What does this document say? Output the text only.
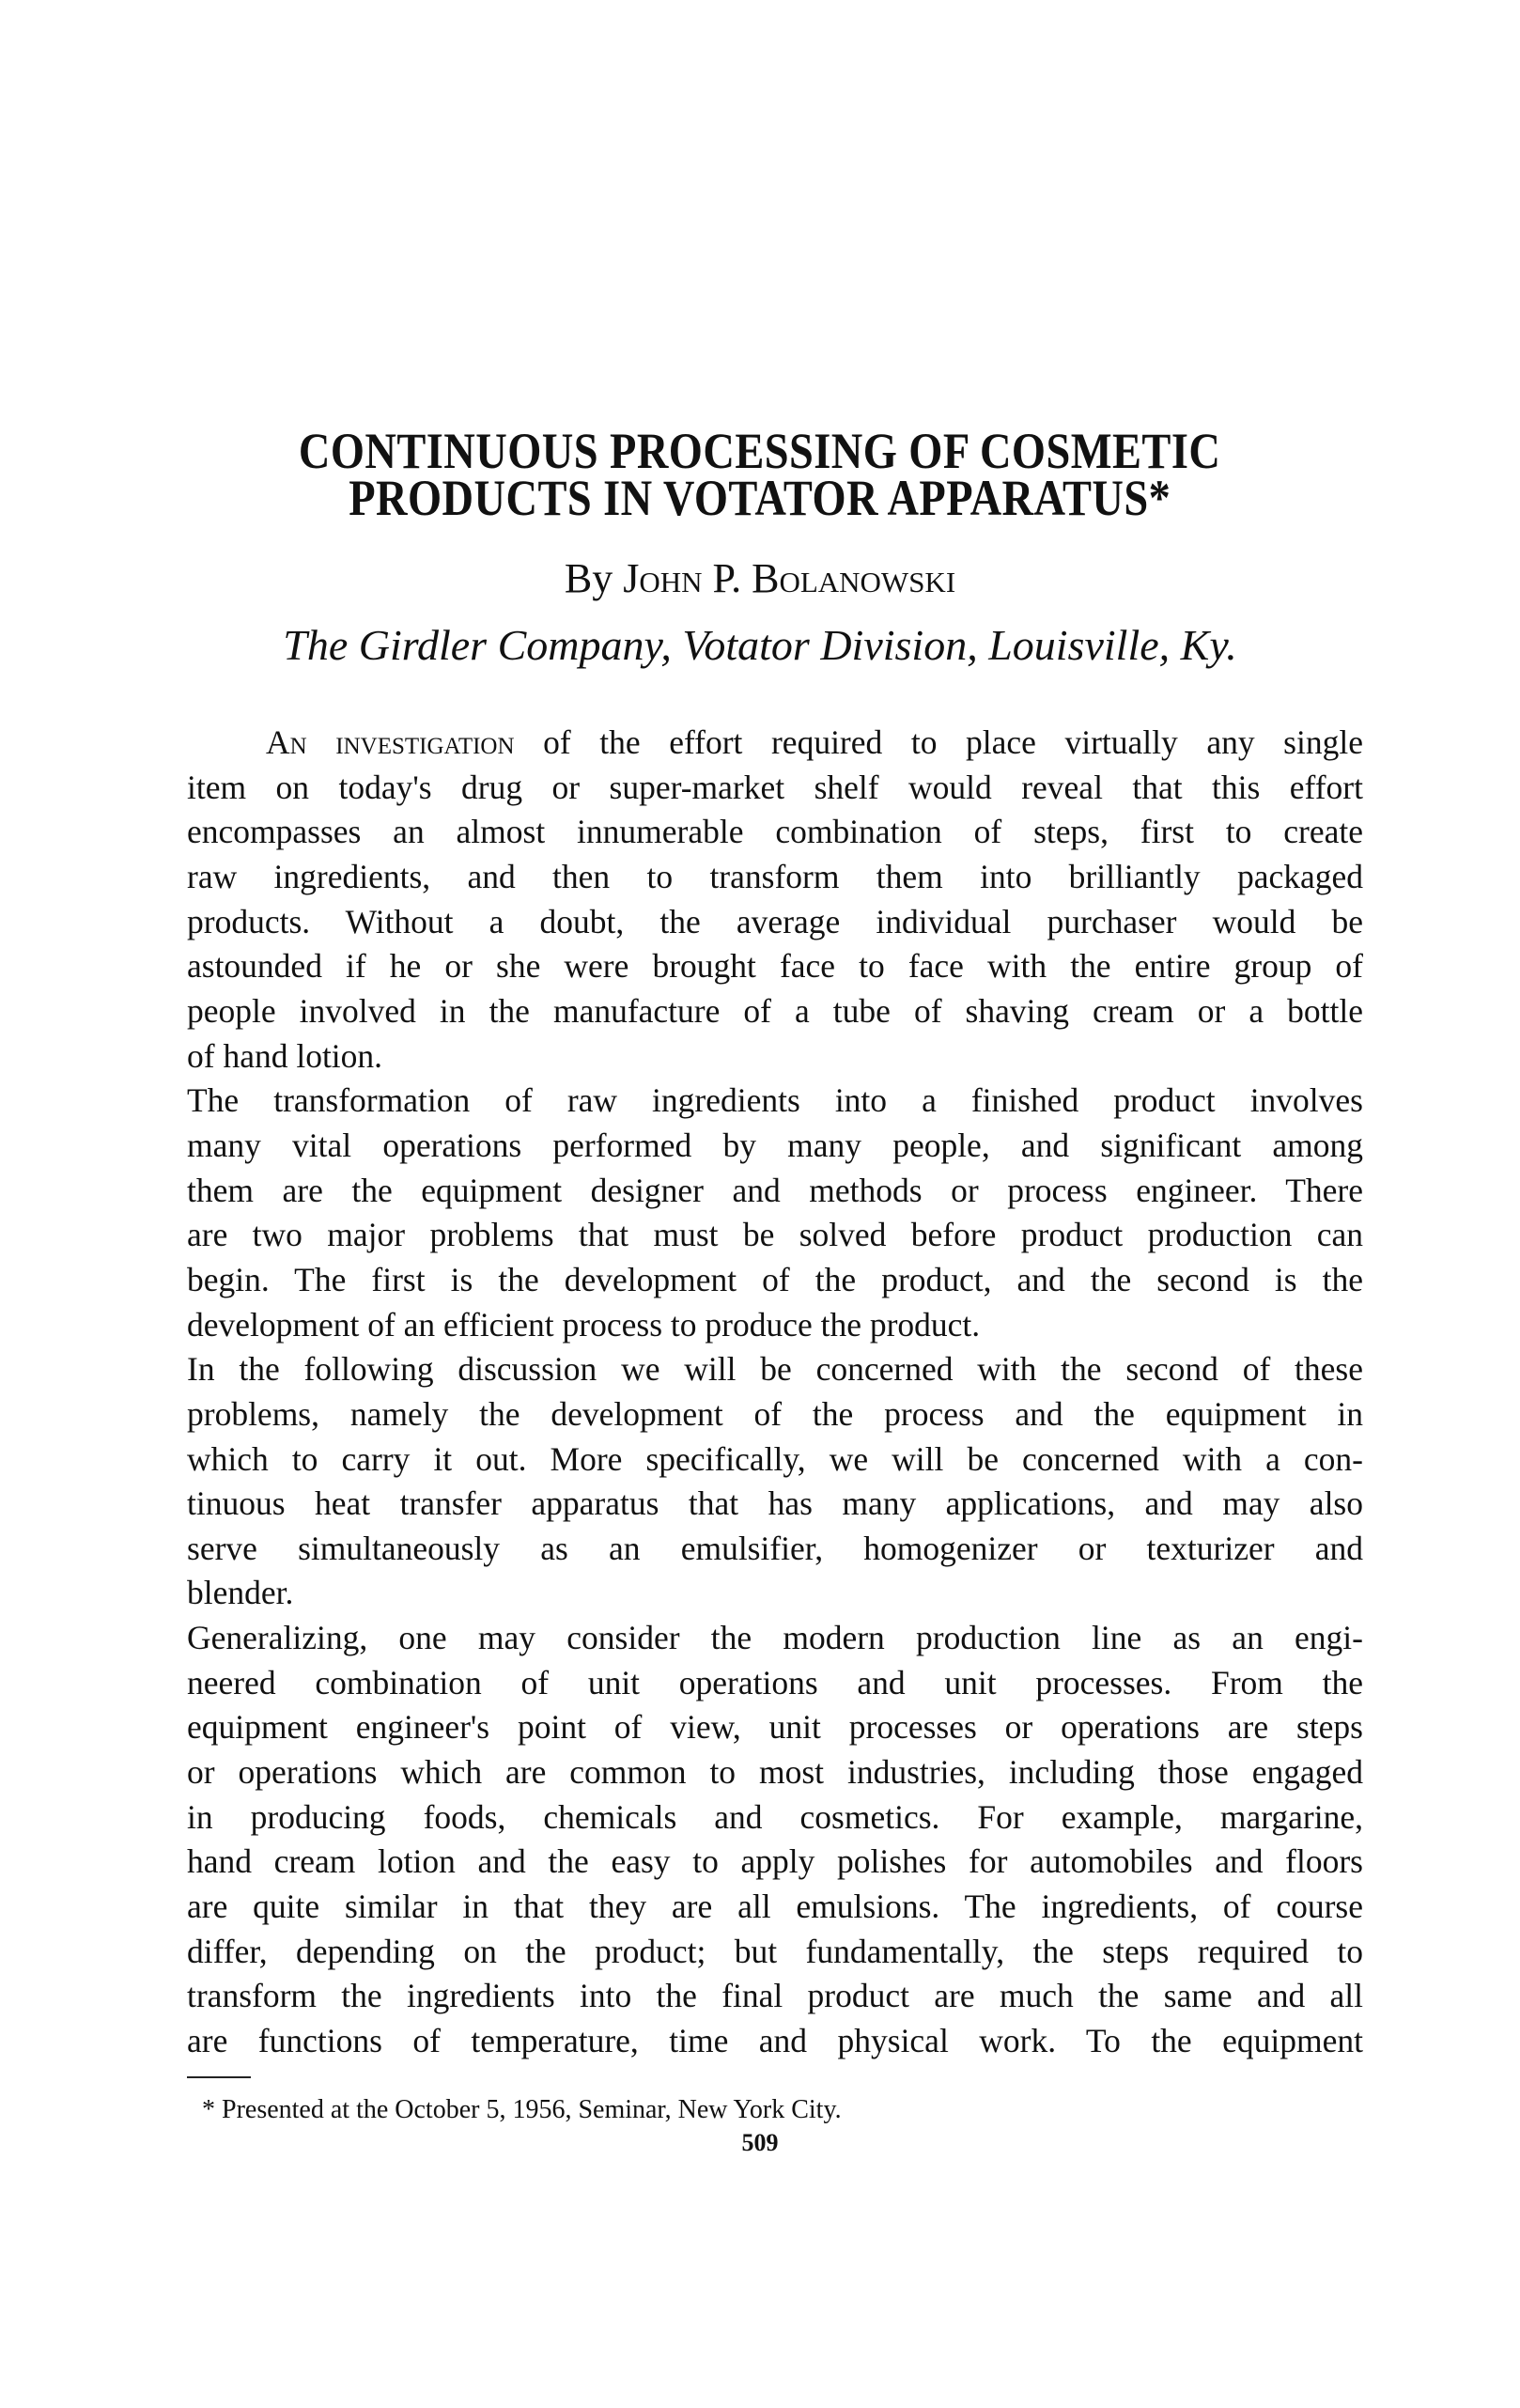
CONTINUOUS PROCESSING OF COSMETIC
PRODUCTS IN VOTATOR APPARATUS*
By John P. Bolanowski
The Girdler Company, Votator Division, Louisville, Ky.
An investigation of the effort required to place virtually any single
item on today's drug or super-market shelf would reveal that this effort
encompasses an almost innumerable combination of steps, first to create
raw ingredients, and then to transform them into brilliantly packaged
products. Without a doubt, the average individual purchaser would be
astounded if he or she were brought face to face with the entire group of
people involved in the manufacture of a tube of shaving cream or a bottle
of hand lotion.
The transformation of raw ingredients into a finished product involves
many vital operations performed by many people, and significant among
them are the equipment designer and methods or process engineer. There
are two major problems that must be solved before product production can
begin. The first is the development of the product, and the second is the
development of an efficient process to produce the product.
In the following discussion we will be concerned with the second of these
problems, namely the development of the process and the equipment in
which to carry it out. More specifically, we will be concerned with a con-
tinuous heat transfer apparatus that has many applications, and may also
serve simultaneously as an emulsifier, homogenizer or texturizer and
blender.
Generalizing, one may consider the modern production line as an engi-
neered combination of unit operations and unit processes. From the
equipment engineer's point of view, unit processes or operations are steps
or operations which are common to most industries, including those engaged
in producing foods, chemicals and cosmetics. For example, margarine,
hand cream lotion and the easy to apply polishes for automobiles and floors
are quite similar in that they are all emulsions. The ingredients, of course
differ, depending on the product; but fundamentally, the steps required to
transform the ingredients into the final product are much the same and all
are functions of temperature, time and physical work. To the equipment
* Presented at the October 5, 1956, Seminar, New York City.
509
